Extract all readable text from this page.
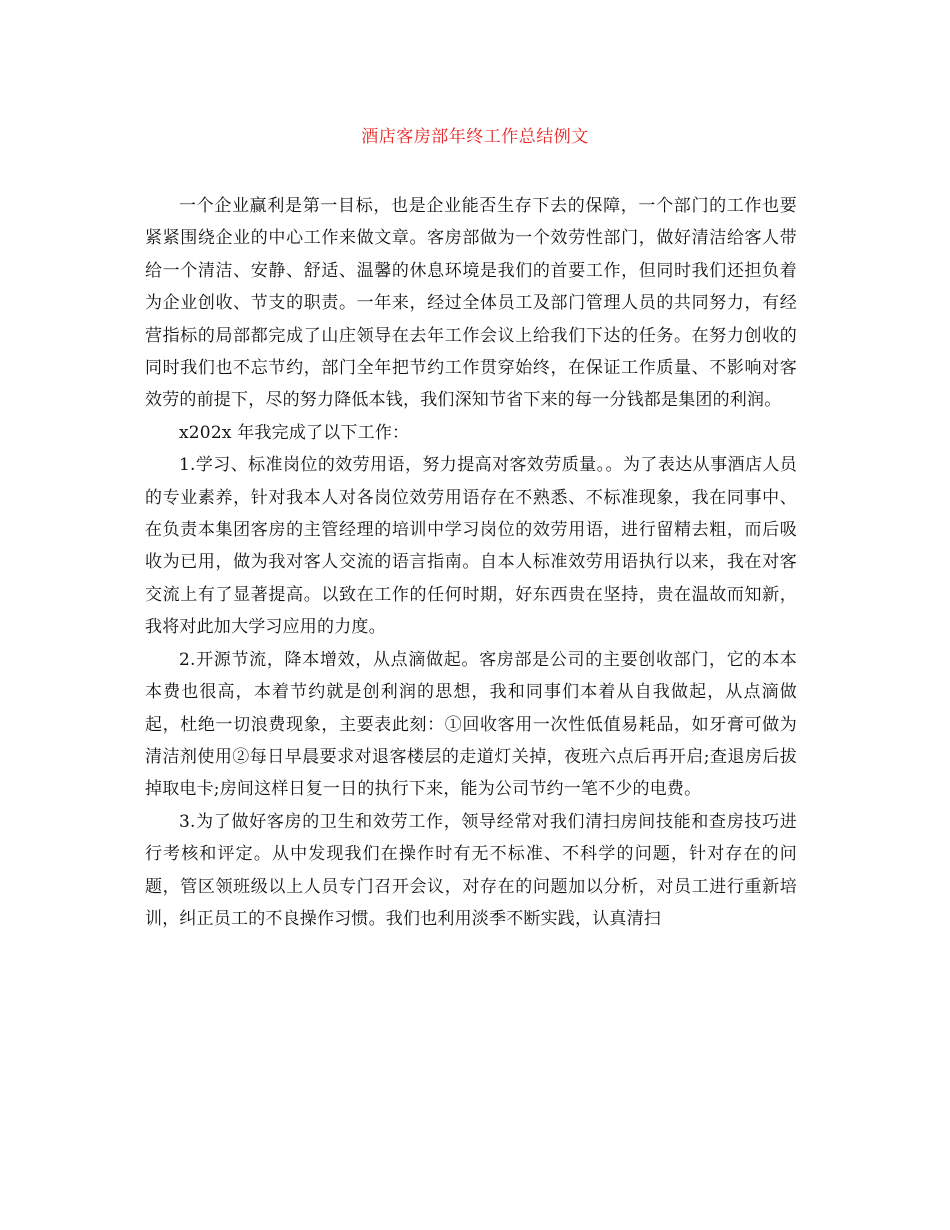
酒店客房部年终工作总结例文

一个企业赢利是第一目标，也是企业能否生存下去的保障，一个部门的工作也要紧紧围绕企业的中心工作来做文章。客房部做为一个效劳性部门，做好清洁给客人带给一个清洁、安静、舒适、温馨的休息环境是我们的首要工作，但同时我们还担负着为企业创收、节支的职责。一年来，经过全体员工及部门管理人员的共同努力，有经营指标的局部都完成了山庄领导在去年工作会议上给我们下达的任务。在努力创收的同时我们也不忘节约，部门全年把节约工作贯穿始终，在保证工作质量、不影响对客效劳的前提下，尽的努力降低本钱，我们深知节省下来的每一分钱都是集团的利润。

x202x 年我完成了以下工作：

1.学习、标准岗位的效劳用语，努力提高对客效劳质量。。为了表达从事酒店人员的专业素养，针对我本人对各岗位效劳用语存在不熟悉、不标准现象，我在同事中、在负责本集团客房的主管经理的培训中学习岗位的效劳用语，进行留精去粗，而后吸收为已用，做为我对客人交流的语言指南。自本人标准效劳用语执行以来，我在对客交流上有了显著提高。以致在工作的任何时期，好东西贵在坚持，贵在温故而知新，我将对此加大学习应用的力度。

2.开源节流，降本增效，从点滴做起。客房部是公司的主要创收部门，它的本本本费也很高，本着节约就是创利润的思想，我和同事们本着从自我做起，从点滴做起，杜绝一切浪费现象，主要表此刻：①回收客用一次性低值易耗品，如牙膏可做为清洁剂使用②每日早晨要求对退客楼层的走道灯关掉，夜班六点后再开启;查退房后拔掉取电卡;房间这样日复一日的执行下来，能为公司节约一笔不少的电费。

3.为了做好客房的卫生和效劳工作，领导经常对我们清扫房间技能和查房技巧进行考核和评定。从中发现我们在操作时有无不标准、不科学的问题，针对存在的问题，管区领班级以上人员专门召开会议，对存在的问题加以分析，对员工进行重新培训，纠正员工的不良操作习惯。我们也利用淡季不断实践，认真清扫
